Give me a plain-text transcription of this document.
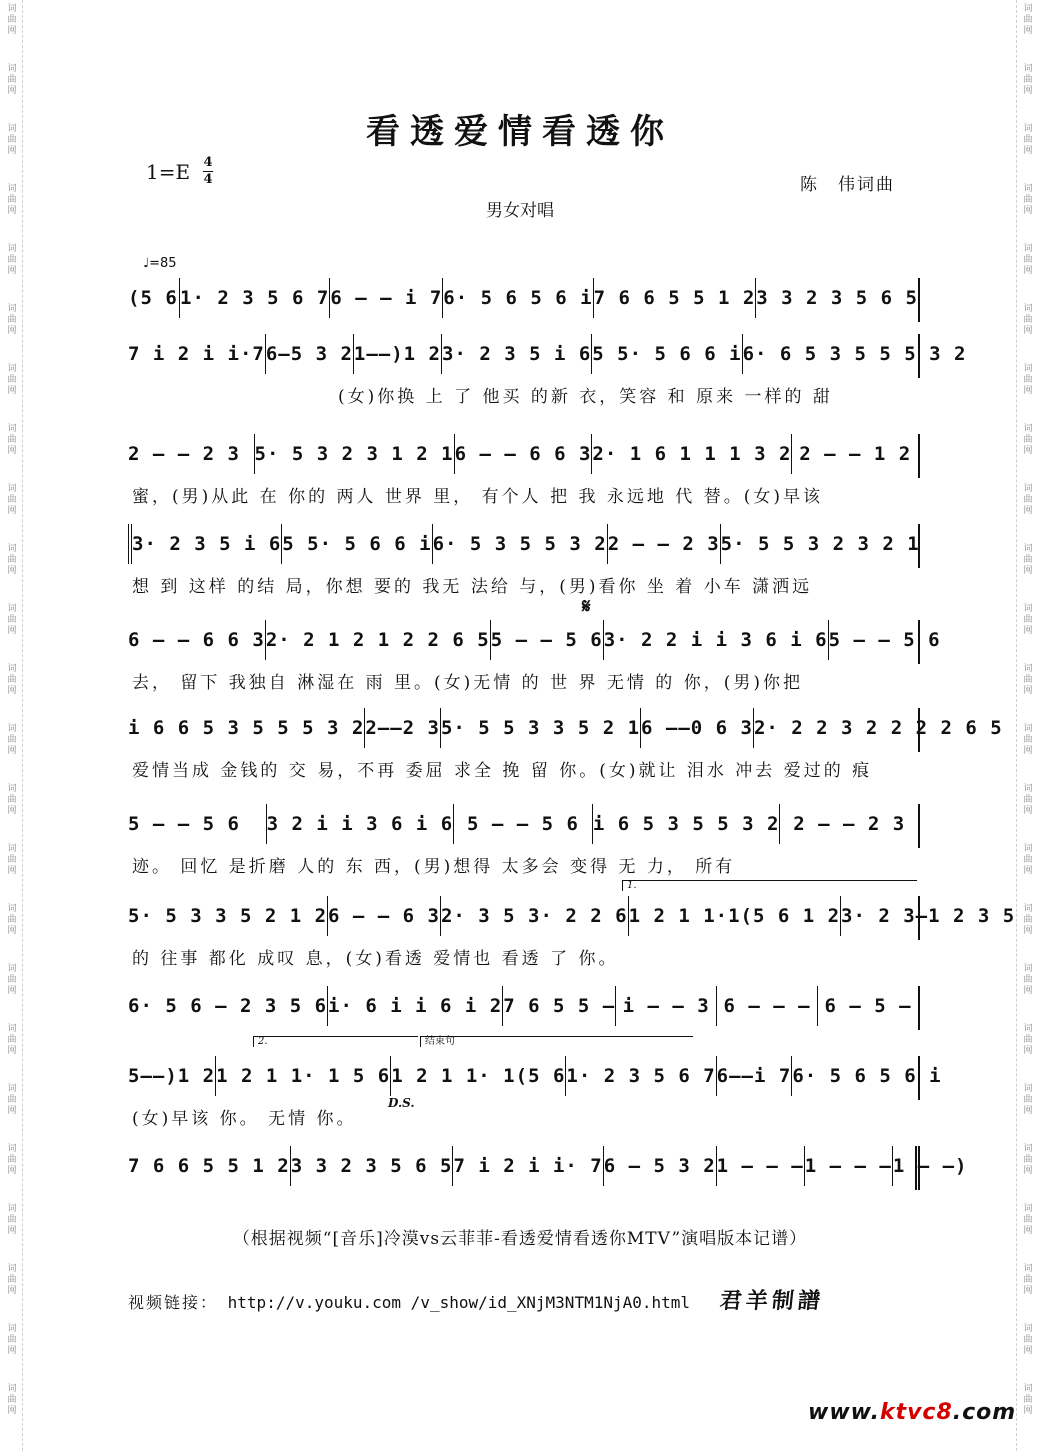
词
曲
网
词
曲
网
词
曲
网
词
曲
网
词
曲
网
词
曲
网
词
曲
网
词
曲
网
词
曲
网
词
曲
网
词
曲
网
词
曲
网
词
曲
网
词
曲
网
词
曲
网
词
曲
网
词
曲
网
词
曲
网
词
曲
网
词
曲
网
词
曲
网
词
曲
网
词
曲
网
词
曲
网
词
曲
网
词
曲
网
词
曲
网
词
曲
网
词
曲
网
词
曲
网
词
曲
网
词
曲
网
词
曲
网
词
曲
网
词
曲
网
词
曲
网
词
曲
网
词
曲
网
词
曲
网
词
曲
网
词
曲
网
词
曲
网
词
曲
网
词
曲
网
词
曲
网
词
曲
网
词
曲
网
词
曲
网
看透爱情看透你
1=E 4
4	陈　伟词曲
男女对唱
♩=85
(5 6 1· 2 3 5 6 7 6 – – i 7 6· 5 6 5 6 i 7 6 6 5 5 1 2 3 3 2 3 5 6 5
7 i 2 i i·7 6–5 3 2 1––)1 2 3· 2 3 5 i 6 5 5· 5 6 6 i 6· 6 5 3 5 5 5 3 2
(女)你换 上 了 他买 的新 衣，笑容 和 原来 一样的 甜
2 – – 2 3 5· 5 3 2 3 1 2 1 6 – – 6 6 3 2· 1 6 1 1 1 3 2 2 – – 1 2
蜜，(男)从此 在 你的 两人 世界 里， 有个人 把 我 永远地 代 替。(女)早该
3· 2 3 5 i 6 5 5· 5 6 6 i 6· 5 3 5 5 3 2 2 – – 2 3 5· 5 5 3 2 3 2 1
想 到 这样 的结 局，你想 要的 我无 法给 与，(男)看你 坐 着 小车 潇洒远
6 – – 6 6 3 2· 2 1 2 1 2 2 6 5 5 – – 5 6 3· 2 2 i i 3 6 i 6 5 – – 5 6
去， 留下 我独自 淋湿在 雨 里。(女)无情 的 世 界 无情 的 你，(男)你把
i 6 6 5 3 5 5 5 3 2 2––2 3 5· 5 5 3 3 5 2 1 6 ––0 6 3 2· 2 2 3 2 2 2 2 6 5
爱情当成 金钱的 交 易，不再 委屈 求全 挽 留 你。(女)就让 泪水 冲去 爱过的 痕
5 – – 5 6	3 2 i i 3 6 i 6 5 – – 5 6 i 6 5 3 5 5 3 2 2 – – 2 3
迹。 回忆 是折磨 人的 东 西，(男)想得 太多会 变得 无 力， 所有
5· 5 3 3 5 2 1 2 6 – – 6 3 2· 3 5 3· 2 2 6 1 2 1 1·1(5 6 1 2 3· 2 3–1 2 3 5
的 往事 都化 成叹 息，(女)看透 爱情也 看透 了 你。
6· 5 6 – 2 3 5 6 i· 6 i i 6 i 2 7 6 5 5 – i – – 3 6 – – – 6 – 5 –
5––)1 2 1 2 1 1· 1 5 6 1 2 1 1· 1(5 6 1· 2 3 5 6 7 6––i 7 6· 5 6 5 6 i
(女)早该 你。 无情 你。
7 6 6 5 5 1 2 3 3 2 3 5 6 5 7 i 2 i i· 7 6 – 5 3 2 1 – – – 1 – – – 1 – –)
𝄋
1.
2.	结束句
D.S.
（根据视频“[音乐]冷漠vs云菲菲-看透爱情看透你MTV”演唱版本记谱）
视频链接： http://v.youku.com /v_show/id_XNjM3NTM1NjA0.html 君羊制譜
www.ktvc8.com
